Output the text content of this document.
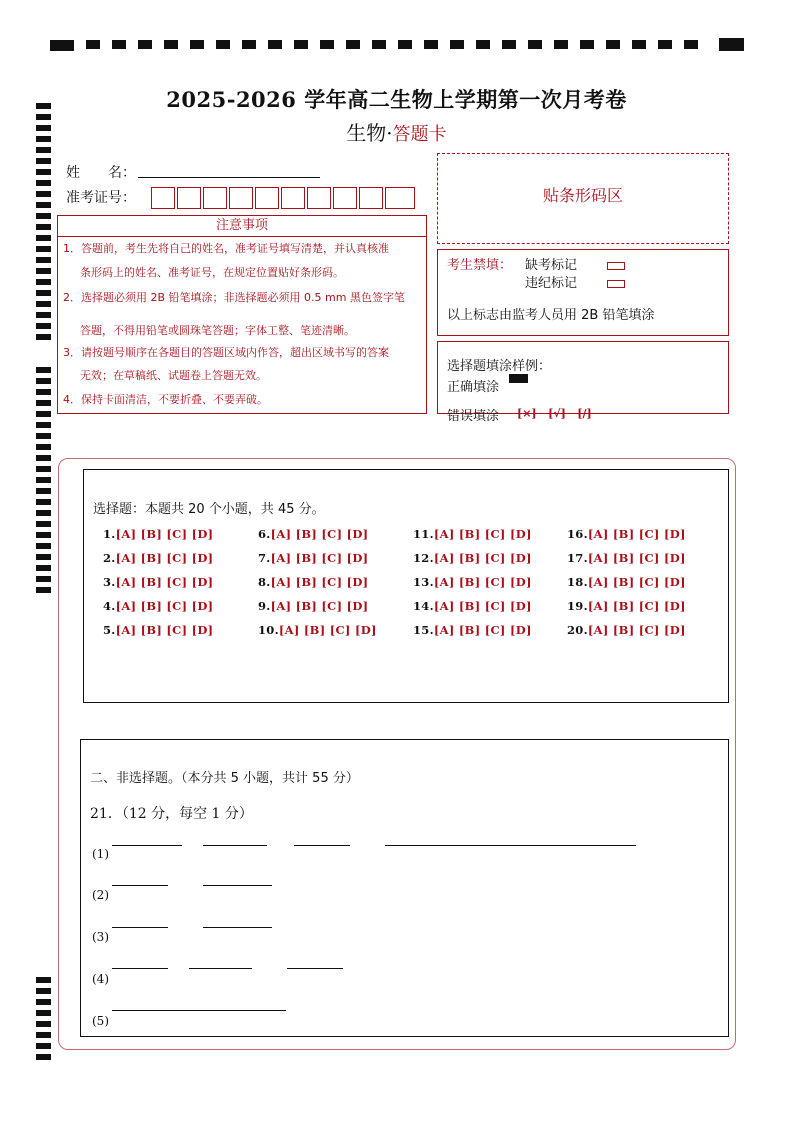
2025-2026 学年高二生物上学期第一次月考卷
生物·答题卡
姓　　名：
准考证号：	贴条形码区
注意事项
1．答题前，考生先将自己的姓名，准考证号填写清楚，并认真核准
条形码上的姓名、准考证号，在规定位置贴好条形码。
2．选择题必须用 2B 铅笔填涂；非选择题必须用 0.5 mm 黑色签字笔
答题，不得用铅笔或圆珠笔答题；字体工整、笔迹清晰。
3．请按题号顺序在各题目的答题区域内作答，超出区域书写的答案
无效；在草稿纸、试题卷上答题无效。
4．保持卡面清洁，不要折叠、不要弄破。
考生禁填： 缺考标记
违纪标记
以上标志由监考人员用 2B 铅笔填涂
选择题填涂样例：
正确填涂
错误填涂 [×] [√] [/]
选择题：本题共 20 个小题，共 45 分。
1.[A] [B] [C] [D]
2.[A] [B] [C] [D]
3.[A] [B] [C] [D]
4.[A] [B] [C] [D]
5.[A] [B] [C] [D]
6.[A] [B] [C] [D]
7.[A] [B] [C] [D]
8.[A] [B] [C] [D]
9.[A] [B] [C] [D]
10.[A] [B] [C] [D]
11.[A] [B] [C] [D]
12.[A] [B] [C] [D]
13.[A] [B] [C] [D]
14.[A] [B] [C] [D]
15.[A] [B] [C] [D]
16.[A] [B] [C] [D]
17.[A] [B] [C] [D]
18.[A] [B] [C] [D]
19.[A] [B] [C] [D]
20.[A] [B] [C] [D]
二、非选择题。（本分共 5 小题，共计 55 分）
21．（12 分，每空 1 分）
(1)
(2)
(3)
(4)
(5)
